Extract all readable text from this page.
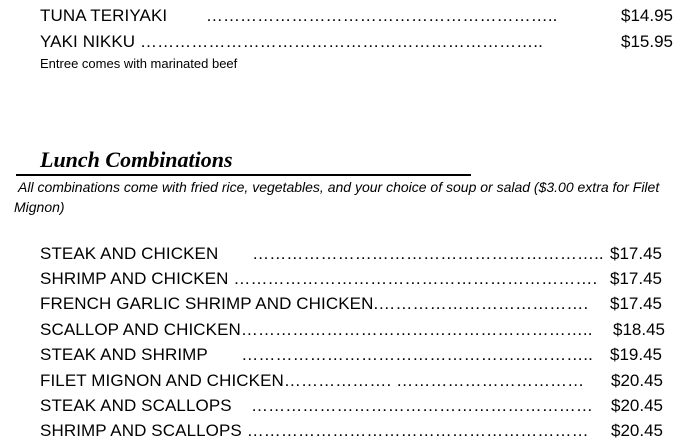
TUNA TERIYAKI        ……………………………………………………..	$14.95
YAKI NIKKU ……………………………………………………………..	$15.95
Entree comes with marinated beef
Lunch Combinations
All combinations come with fried rice, vegetables, and your choice of soup or salad ($3.00 extra for Filet Mignon)
STEAK AND CHICKEN       …………………………………………………….. $17.45
SHRIMP AND CHICKEN ………………………………………………………. $17.45
FRENCH GARLIC SHRIMP AND CHICKEN.……………………………….	$17.45
SCALLOP AND CHICKEN……………………………………………………..	$18.45
STEAK AND SHRIMP       ……………………………………………………..	$19.45
FILET MIGNON AND CHICKEN………………. ……………………………	$20.45
STEAK AND SCALLOPS    ……………………………………………………	$20.45
SHRIMP AND SCALLOPS ……………………………………………………	$20.45
